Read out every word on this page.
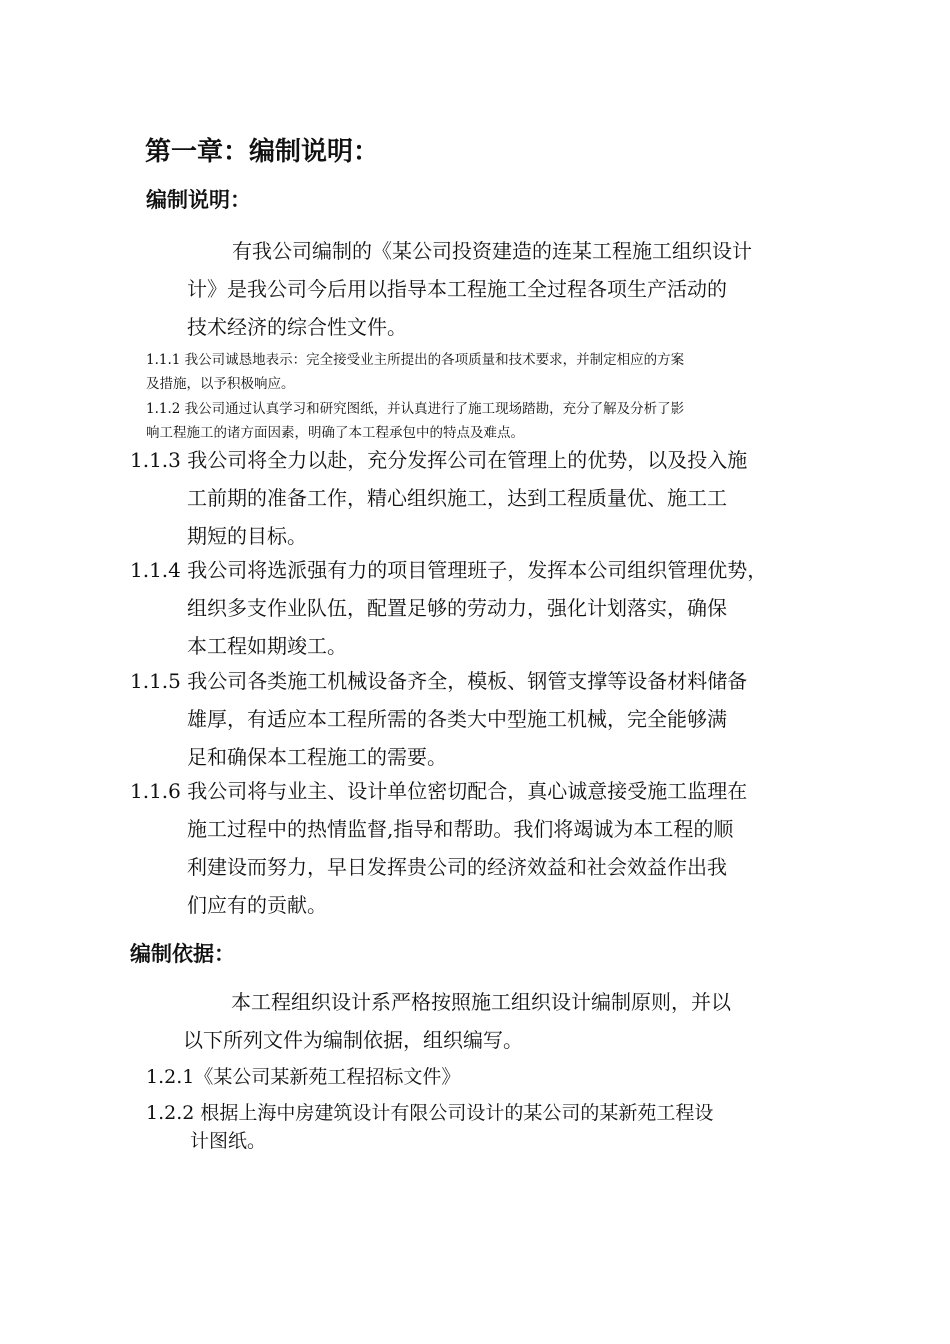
第一章：编制说明：
编制说明：
有我公司编制的《某公司投资建造的连某工程施工组织设计
计》是我公司今后用以指导本工程施工全过程各项生产活动的
技术经济的综合性文件。
1.1.1 我公司诚恳地表示：完全接受业主所提出的各项质量和技术要求，并制定相应的方案
及措施，以予积极响应。
1.1.2 我公司通过认真学习和研究图纸，并认真进行了施工现场踏勘，充分了解及分析了影
响工程施工的诸方面因素，明确了本工程承包中的特点及难点。
1.1.3 我公司将全力以赴，充分发挥公司在管理上的优势，以及投入施
工前期的准备工作，精心组织施工，达到工程质量优、施工工
期短的目标。
1.1.4 我公司将选派强有力的项目管理班子，发挥本公司组织管理优势，
组织多支作业队伍，配置足够的劳动力，强化计划落实，确保
本工程如期竣工。
1.1.5 我公司各类施工机械设备齐全，模板、钢管支撑等设备材料储备
雄厚，有适应本工程所需的各类大中型施工机械，完全能够满
足和确保本工程施工的需要。
1.1.6 我公司将与业主、设计单位密切配合，真心诚意接受施工监理在
施工过程中的热情监督,指导和帮助。我们将竭诚为本工程的顺
利建设而努力，早日发挥贵公司的经济效益和社会效益作出我
们应有的贡献。
编制依据：
本工程组织设计系严格按照施工组织设计编制原则，并以
以下所列文件为编制依据，组织编写。

1.2.1《某公司某新苑工程招标文件》

1.2.2 根据上海中房建筑设计有限公司设计的某公司的某新苑工程设
计图纸。
